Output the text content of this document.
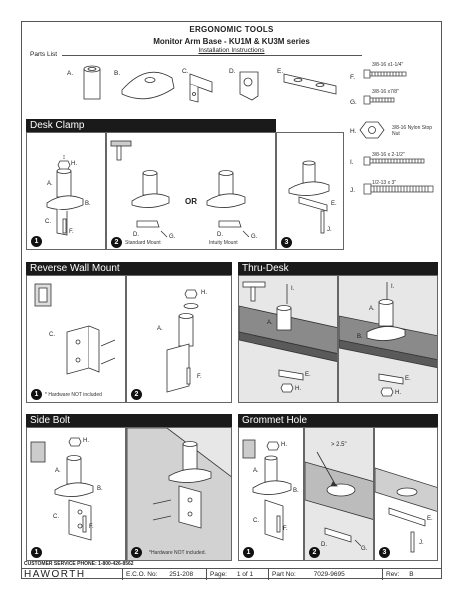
ERGONOMIC TOOLS
Monitor Arm Base - KU1M & KU3M series
Installation Instructions
Parts List
A.	B.	C.	D.	E.
F.
G.
H.
I.
J.
3/8-16 x1-1/4"
3/8-16 x7/8"
3/8-16 Nylon Stop Nut
3/8-16 x 2-1/2"
1/2-13 x 3"
Desk Clamp
H.
A.
B.
C.
F.
1
OR
D.	G.	D.	G.
2	Standard Mount	Intuity Mount
E.
J.
3
Reverse Wall Mount
C.
1	* Hardware NOT included
H.
A.
F.
2
Thru-Desk
I.
A.
E.
H.
I.
A.
B.
E.
H.
Side Bolt
H.
A.
B.
C.
F.
1	2	*Hardware NOT included.
Grommet Hole
H.
A.
B.
C.
F.
1
> 2.5"
D.
G.
2
E.
J.
3
CUSTOMER SERVICE PHONE: 1-800-426-8562
HAWORTH	E.C.O. No: 251-208	Page: 1 of 1	Part No:	7029-9695	Rev: B
